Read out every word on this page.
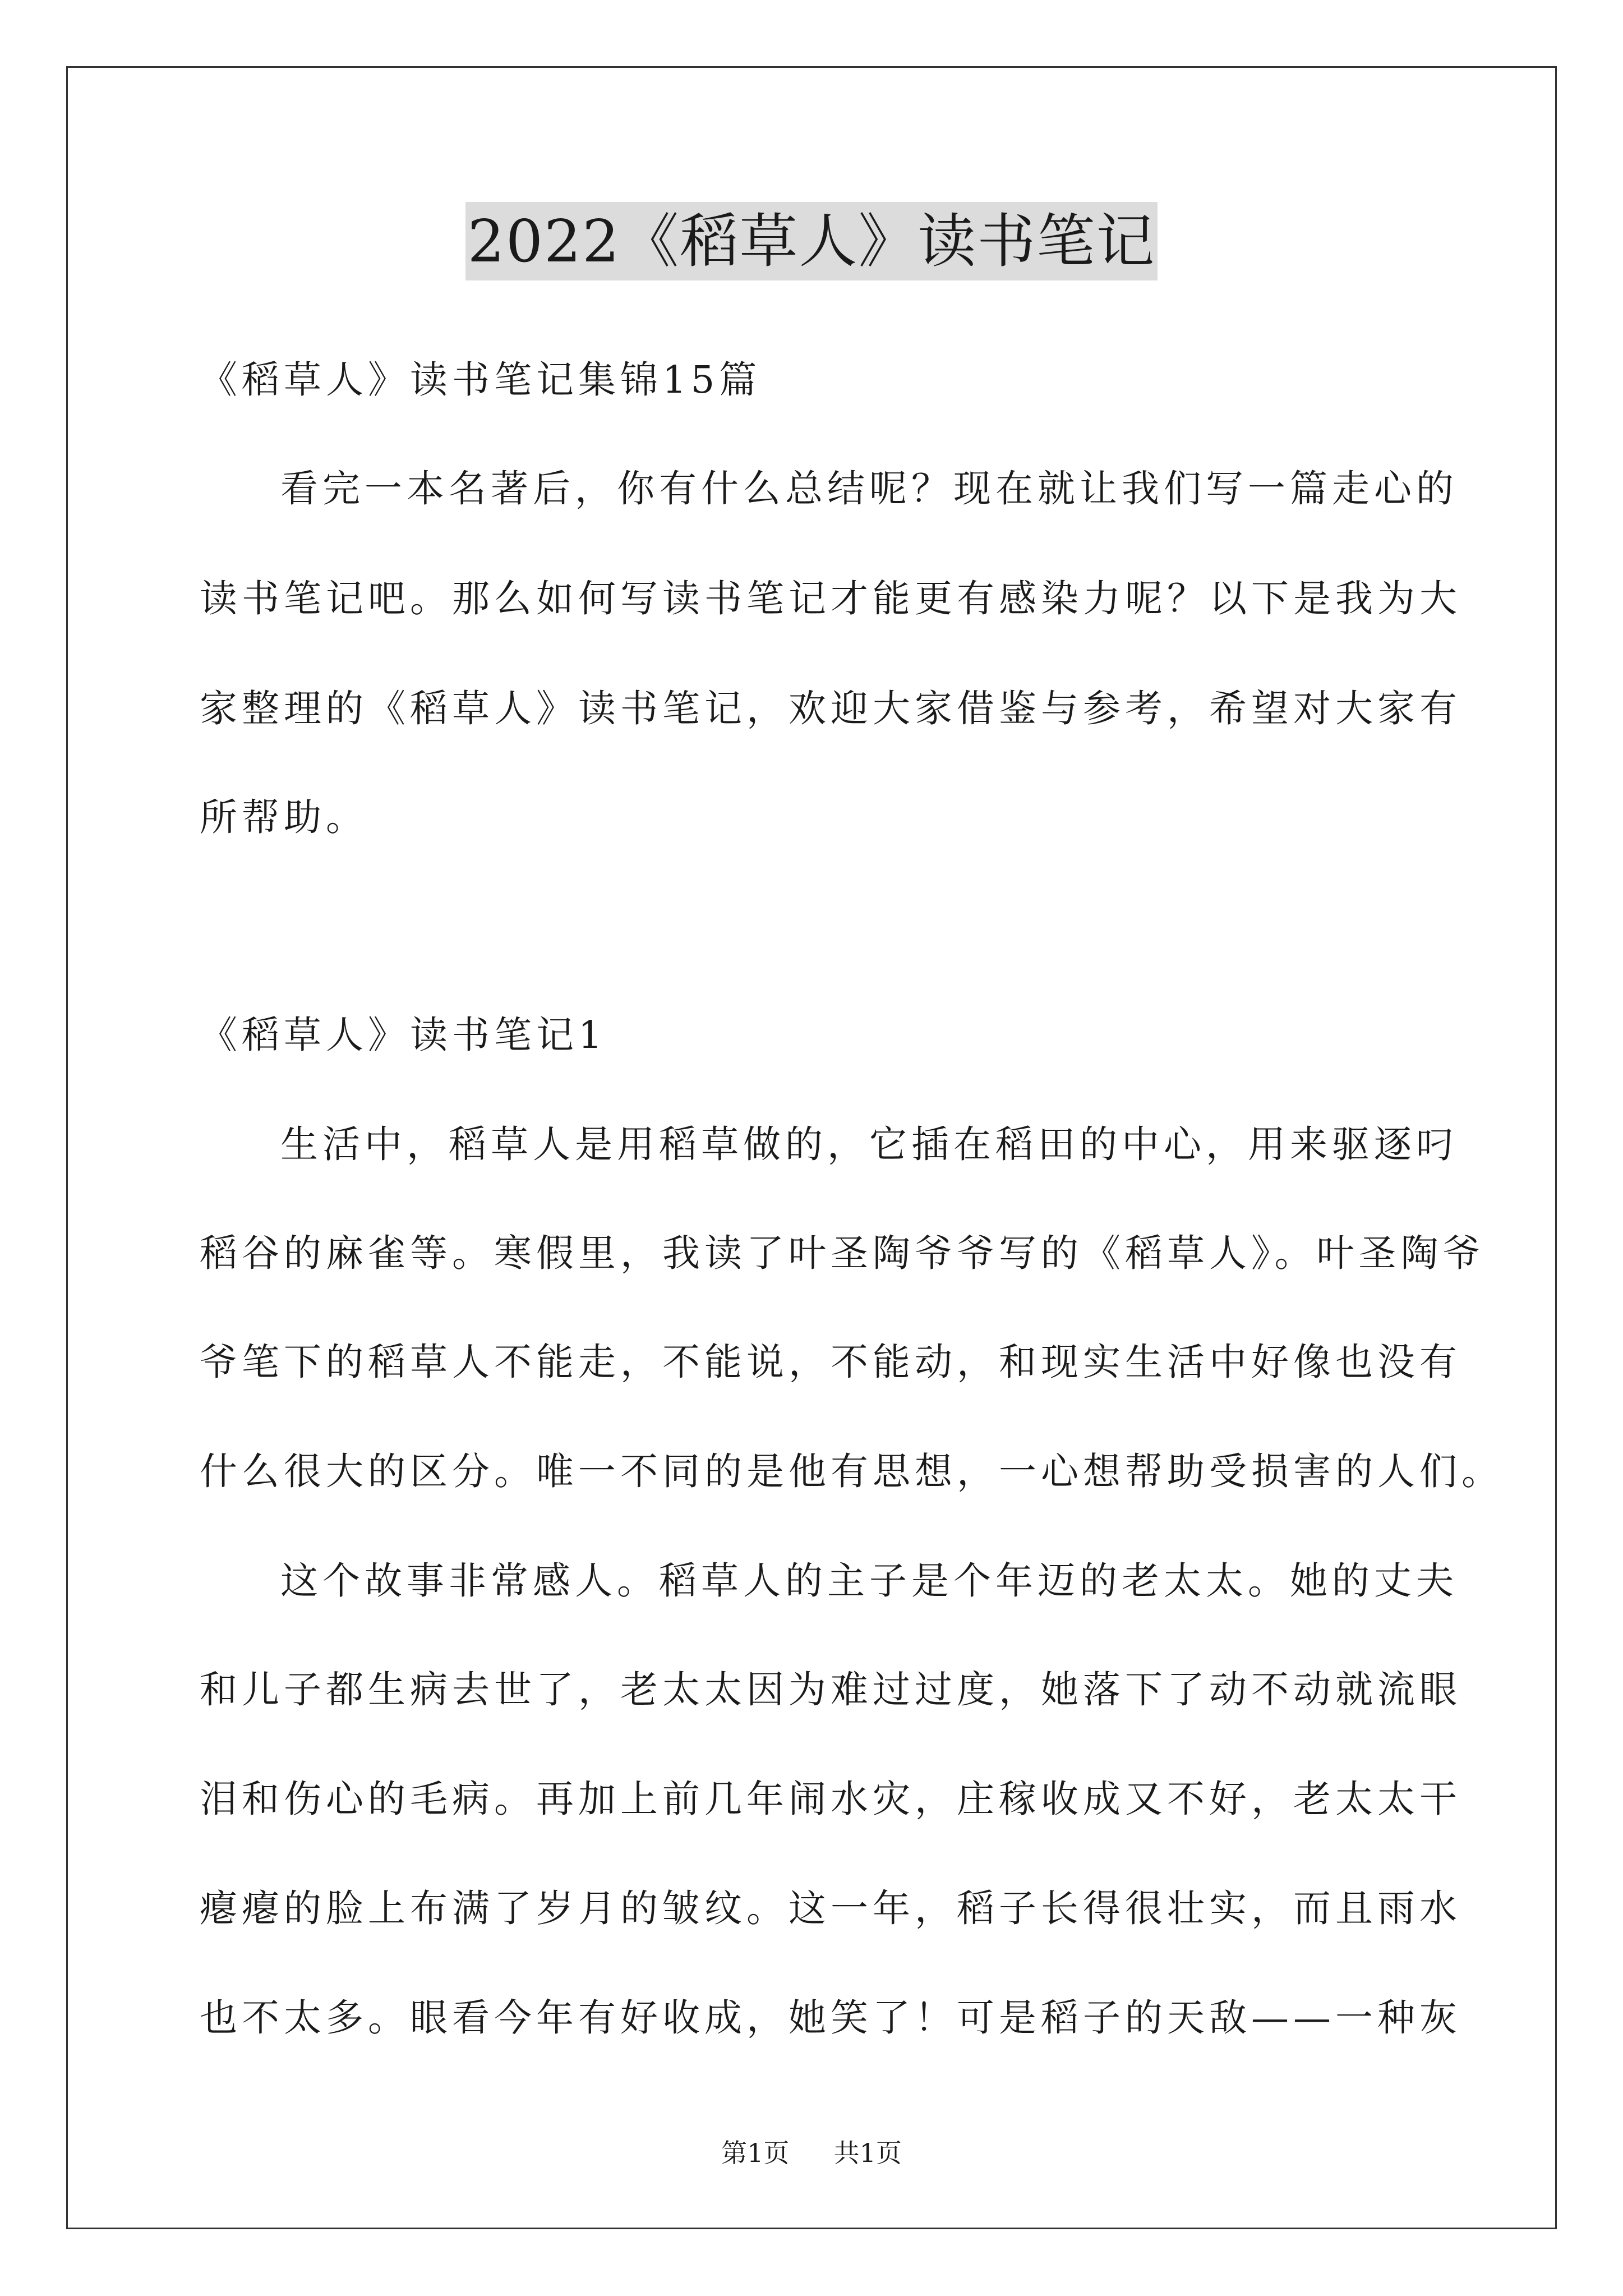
2022《稻草人》读书笔记
《稻草人》读书笔记集锦15篇
看完一本名著后，你有什么总结呢？现在就让我们写一篇走心的
读书笔记吧。那么如何写读书笔记才能更有感染力呢？以下是我为大
家整理的《稻草人》读书笔记，欢迎大家借鉴与参考，希望对大家有
所帮助。
《稻草人》读书笔记1
生活中，稻草人是用稻草做的，它插在稻田的中心，用来驱逐叼
稻谷的麻雀等。寒假里，我读了叶圣陶爷爷写的《稻草人》。叶圣陶爷
爷笔下的稻草人不能走，不能说，不能动，和现实生活中好像也没有
什么很大的区分。唯一不同的是他有思想，一心想帮助受损害的人们。
这个故事非常感人。稻草人的主子是个年迈的老太太。她的丈夫
和儿子都生病去世了，老太太因为难过过度，她落下了动不动就流眼
泪和伤心的毛病。再加上前几年闹水灾，庄稼收成又不好，老太太干
瘪瘪的脸上布满了岁月的皱纹。这一年，稻子长得很壮实，而且雨水
也不太多。眼看今年有好收成，她笑了！可是稻子的天敌——一种灰
第1页 共1页
